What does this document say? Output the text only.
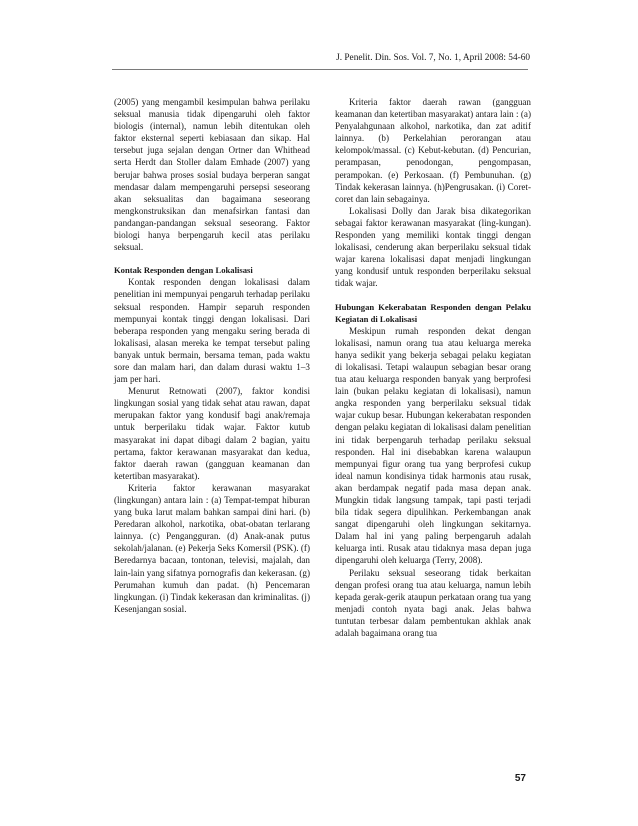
J. Penelit. Din. Sos. Vol. 7, No. 1, April 2008: 54-60

(2005) yang mengambil kesimpulan bahwa perilaku seksual manusia tidak dipengaruhi oleh faktor biologis (internal), namun lebih ditentukan oleh faktor eksternal seperti kebiasaan dan sikap. Hal tersebut juga sejalan dengan Ortner dan Whithead serta Herdt dan Stoller dalam Emhade (2007) yang berujar bahwa proses sosial budaya berperan sangat mendasar dalam mempengaruhi persepsi seseorang akan seksualitas dan bagaimana seseorang mengkonstruksikan dan menafsirkan fantasi dan pandangan-pandangan seksual seseorang. Faktor biologi hanya berpengaruh kecil atas perilaku seksual.

Kontak Responden dengan Lokalisasi

Kontak responden dengan lokalisasi dalam penelitian ini mempunyai pengaruh terhadap perilaku seksual responden. Hampir separuh responden mempunyai kontak tinggi dengan lokalisasi. Dari beberapa responden yang mengaku sering berada di lokalisasi, alasan mereka ke tempat tersebut paling banyak untuk bermain, bersama teman, pada waktu sore dan malam hari, dan dalam durasi waktu 1–3 jam per hari.

Menurut Retnowati (2007), faktor kondisi lingkungan sosial yang tidak sehat atau rawan, dapat merupakan faktor yang kondusif bagi anak/remaja untuk berperilaku tidak wajar. Faktor kutub masyarakat ini dapat dibagi dalam 2 bagian, yaitu pertama, faktor kerawanan masyarakat dan kedua, faktor daerah rawan (gangguan keamanan dan ketertiban masyarakat).

Kriteria faktor kerawanan masyarakat (lingkungan) antara lain : (a) Tempat-tempat hiburan yang buka larut malam bahkan sampai dini hari. (b) Peredaran alkohol, narkotika, obat-obatan terlarang lainnya. (c) Pengangguran. (d) Anak-anak putus sekolah/jalanan. (e) Pekerja Seks Komersil (PSK). (f) Beredarnya bacaan, tontonan, televisi, majalah, dan lain-lain yang sifatnya pornografis dan kekerasan. (g) Perumahan kumuh dan padat. (h) Pencemaran lingkungan. (i) Tindak kekerasan dan kriminalitas. (j) Kesenjangan sosial.

Kriteria faktor daerah rawan (gangguan keamanan dan ketertiban masyarakat) antara lain : (a) Penyalahgunaan alkohol, narkotika, dan zat aditif lainnya. (b) Perkelahian perorangan atau kelompok/massal. (c) Kebut-kebutan. (d) Pencurian, perampasan, penodongan, pengompasan, perampokan. (e) Perkosaan. (f) Pembunuhan. (g) Tindak kekerasan lainnya. (h)Pengrusakan. (i) Coret-coret dan lain sebagainya.

Lokalisasi Dolly dan Jarak bisa dikategorikan sebagai faktor kerawanan masyarakat (ling-kungan). Responden yang memiliki kontak tinggi dengan lokalisasi, cenderung akan berperilaku seksual tidak wajar karena lokalisasi dapat menjadi lingkungan yang kondusif untuk responden berperilaku seksual tidak wajar.

Hubungan Kekerabatan Responden dengan Pelaku Kegiatan di Lokalisasi

Meskipun rumah responden dekat dengan lokalisasi, namun orang tua atau keluarga mereka hanya sedikit yang bekerja sebagai pelaku kegiatan di lokalisasi. Tetapi walaupun sebagian besar orang tua atau keluarga responden banyak yang berprofesi lain (bukan pelaku kegiatan di lokalisasi), namun angka responden yang berperilaku seksual tidak wajar cukup besar. Hubungan kekerabatan responden dengan pelaku kegiatan di lokalisasi dalam penelitian ini tidak berpengaruh terhadap perilaku seksual responden. Hal ini disebabkan karena walaupun mempunyai figur orang tua yang berprofesi cukup ideal namun kondisinya tidak harmonis atau rusak, akan berdampak negatif pada masa depan anak. Mungkin tidak langsung tampak, tapi pasti terjadi bila tidak segera dipulihkan. Perkembangan anak sangat dipengaruhi oleh lingkungan sekitarnya. Dalam hal ini yang paling berpengaruh adalah keluarga inti. Rusak atau tidaknya masa depan juga dipengaruhi oleh keluarga (Terry, 2008).

Perilaku seksual seseorang tidak berkaitan dengan profesi orang tua atau keluarga, namun lebih kepada gerak-gerik ataupun perkataan orang tua yang menjadi contoh nyata bagi anak. Jelas bahwa tuntutan terbesar dalam pembentukan akhlak anak adalah bagaimana orang tua

57
